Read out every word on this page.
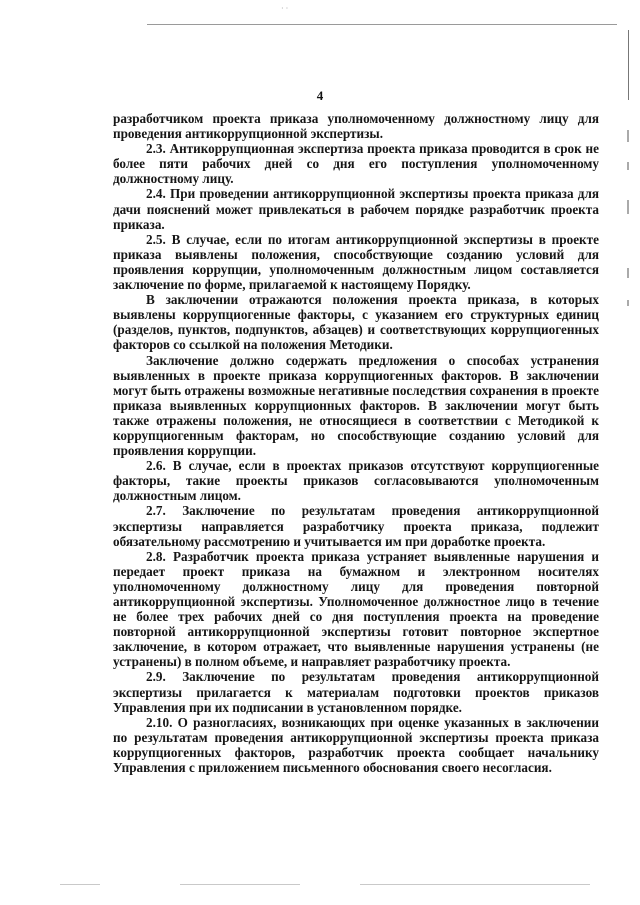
··
4

разработчиком проекта приказа уполномоченному должностному лицу для проведения антикоррупционной экспертизы.

2.3. Антикоррупционная экспертиза проекта приказа проводится в срок не более пяти рабочих дней со дня его поступления уполномоченному должностному лицу.

2.4. При проведении антикоррупционной экспертизы проекта приказа для дачи пояснений может привлекаться в рабочем порядке разработчик проекта приказа.

2.5. В случае, если по итогам антикоррупционной экспертизы в проекте приказа выявлены положения, способствующие созданию условий для проявления коррупции, уполномоченным должностным лицом составляется заключение по форме, прилагаемой к настоящему Порядку.

В заключении отражаются положения проекта приказа, в которых выявлены коррупциогенные факторы, с указанием его структурных единиц (разделов, пунктов, подпунктов, абзацев) и соответствующих коррупциогенных факторов со ссылкой на положения Методики.

Заключение должно содержать предложения о способах устранения выявленных в проекте приказа коррупциогенных факторов. В заключении могут быть отражены возможные негативные последствия сохранения в проекте приказа выявленных коррупционных факторов. В заключении могут быть также отражены положения, не относящиеся в соответствии с Методикой к коррупциогенным факторам, но способствующие созданию условий для проявления коррупции.

2.6. В случае, если в проектах приказов отсутствуют коррупциогенные факторы, такие проекты приказов согласовываются уполномоченным должностным лицом.

2.7. Заключение по результатам проведения антикоррупционной экспертизы направляется разработчику проекта приказа, подлежит обязательному рассмотрению и учитывается им при доработке проекта.

2.8. Разработчик проекта приказа устраняет выявленные нарушения и передает проект приказа на бумажном и электронном носителях уполномоченному должностному лицу для проведения повторной антикоррупционной экспертизы. Уполномоченное должностное лицо в течение не более трех рабочих дней со дня поступления проекта на проведение повторной антикоррупционной экспертизы готовит повторное экспертное заключение, в котором отражает, что выявленные нарушения устранены (не устранены) в полном объеме, и направляет разработчику проекта.

2.9. Заключение по результатам проведения антикоррупционной экспертизы прилагается к материалам подготовки проектов приказов Управления при их подписании в установленном порядке.

2.10. О разногласиях, возникающих при оценке указанных в заключении по результатам проведения антикоррупционной экспертизы проекта приказа коррупциогенных факторов, разработчик проекта сообщает начальнику Управления с приложением письменного обоснования своего несогласия.
